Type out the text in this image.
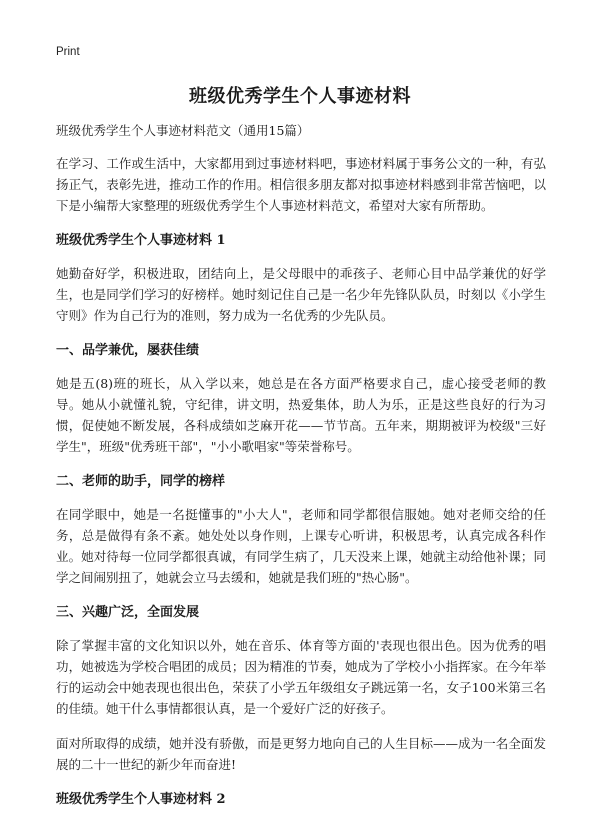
Print
班级优秀学生个人事迹材料
班级优秀学生个人事迹材料范文（通用15篇）

在学习、工作或生活中，大家都用到过事迹材料吧，事迹材料属于事务公文的一种，有弘扬正气，表彰先进，推动工作的作用。相信很多朋友都对拟事迹材料感到非常苦恼吧，以下是小编帮大家整理的班级优秀学生个人事迹材料范文，希望对大家有所帮助。

班级优秀学生个人事迹材料 1

她勤奋好学，积极进取，团结向上，是父母眼中的乖孩子、老师心目中品学兼优的好学生，也是同学们学习的好榜样。她时刻记住自己是一名少年先锋队队员，时刻以《小学生守则》作为自己行为的准则，努力成为一名优秀的少先队员。

一、品学兼优，屡获佳绩

她是五(8)班的班长，从入学以来，她总是在各方面严格要求自己，虚心接受老师的教导。她从小就懂礼貌，守纪律，讲文明，热爱集体，助人为乐，正是这些良好的行为习惯，促使她不断发展，各科成绩如芝麻开花——节节高。五年来，期期被评为校级"三好学生"，班级"优秀班干部"，"小小歌唱家"等荣誉称号。

二、老师的助手，同学的榜样

在同学眼中，她是一名挺懂事的"小大人"，老师和同学都很信服她。她对老师交给的任务，总是做得有条不紊。她处处以身作则，上课专心听讲，积极思考，认真完成各科作业。她对待每一位同学都很真诚，有同学生病了，几天没来上课，她就主动给他补课；同学之间闹别扭了，她就会立马去缓和，她就是我们班的"热心肠"。

三、兴趣广泛，全面发展

除了掌握丰富的文化知识以外，她在音乐、体育等方面的'表现也很出色。因为优秀的唱功，她被选为学校合唱团的成员；因为精准的节奏，她成为了学校小小指挥家。在今年举行的运动会中她表现也很出色，荣获了小学五年级组女子跳远第一名，女子100米第三名的佳绩。她干什么事情都很认真，是一个爱好广泛的好孩子。

面对所取得的成绩，她并没有骄傲，而是更努力地向自己的人生目标——成为一名全面发展的二十一世纪的新少年而奋进!

班级优秀学生个人事迹材料 2
